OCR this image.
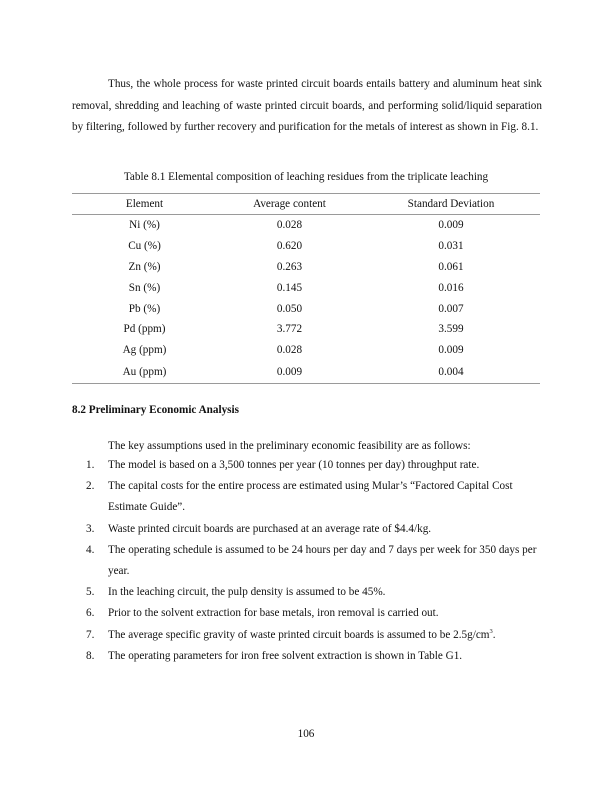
Thus, the whole process for waste printed circuit boards entails battery and aluminum heat sink removal, shredding and leaching of waste printed circuit boards, and performing solid/liquid separation by filtering, followed by further recovery and purification for the metals of interest as shown in Fig. 8.1.

Table 8.1 Elemental composition of leaching residues from the triplicate leaching
Element	Average content	Standard Deviation
Ni (%)	0.028	0.009
Cu (%)	0.620	0.031
Zn (%)	0.263	0.061
Sn (%)	0.145	0.016
Pb (%)	0.050	0.007
Pd (ppm)	3.772	3.599
Ag (ppm)	0.028	0.009
Au (ppm)	0.009	0.004
8.2 Preliminary Economic Analysis
The key assumptions used in the preliminary economic feasibility are as follows:
1. The model is based on a 3,500 tonnes per year (10 tonnes per day) throughput rate.
2. The capital costs for the entire process are estimated using Mular’s “Factored Capital Cost Estimate Guide”.
3. Waste printed circuit boards are purchased at an average rate of $4.4/kg.
4. The operating schedule is assumed to be 24 hours per day and 7 days per week for 350 days per year.
5. In the leaching circuit, the pulp density is assumed to be 45%.
6. Prior to the solvent extraction for base metals, iron removal is carried out.
7. The average specific gravity of waste printed circuit boards is assumed to be $2.5g/cm^3$.
8. The operating parameters for iron free solvent extraction is shown in Table G1.
106
